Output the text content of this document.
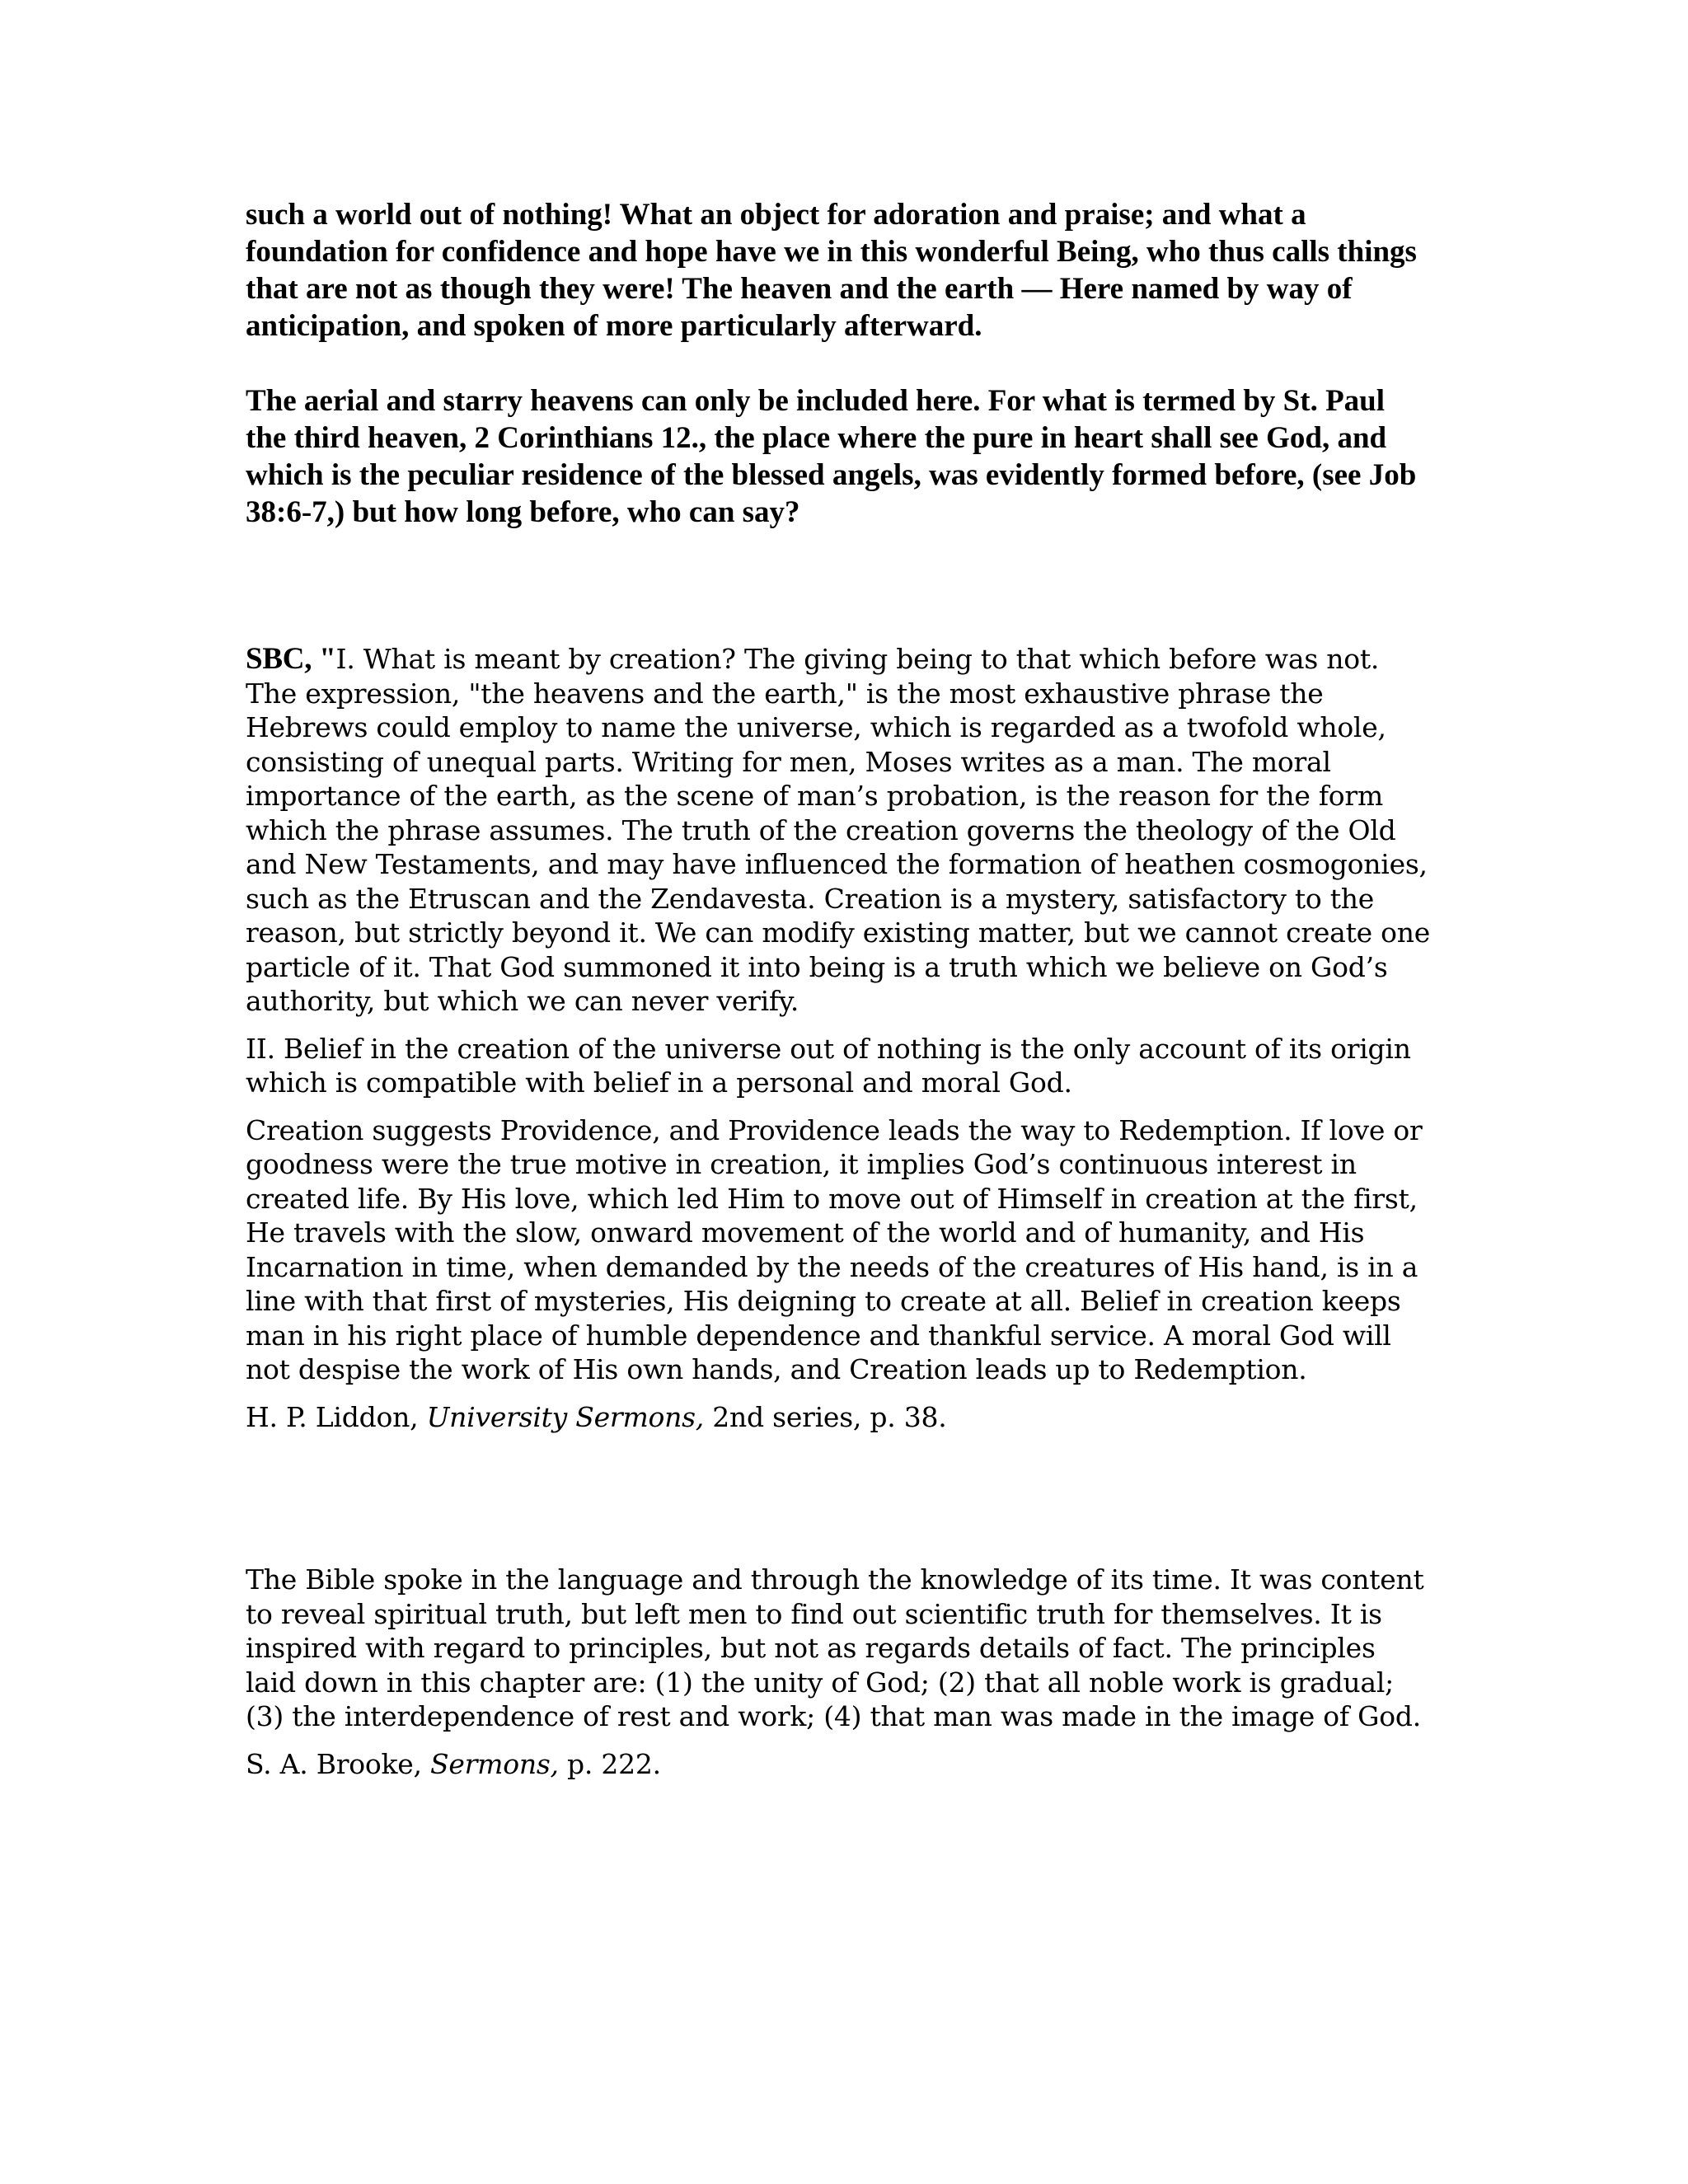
such a world out of nothing! What an object for adoration and praise; and what a foundation for confidence and hope have we in this wonderful Being, who thus calls things that are not as though they were! The heaven and the earth — Here named by way of anticipation, and spoken of more particularly afterward.

The aerial and starry heavens can only be included here. For what is termed by St. Paul the third heaven, 2 Corinthians 12., the place where the pure in heart shall see God, and which is the peculiar residence of the blessed angels, was evidently formed before, (see Job 38:6-7,) but how long before, who can say?

SBC, "I. What is meant by creation? The giving being to that which before was not. The expression, "the heavens and the earth," is the most exhaustive phrase the Hebrews could employ to name the universe, which is regarded as a twofold whole, consisting of unequal parts. Writing for men, Moses writes as a man. The moral importance of the earth, as the scene of man’s probation, is the reason for the form which the phrase assumes. The truth of the creation governs the theology of the Old and New Testaments, and may have influenced the formation of heathen cosmogonies, such as the Etruscan and the Zendavesta. Creation is a mystery, satisfactory to the reason, but strictly beyond it. We can modify existing matter, but we cannot create one particle of it. That God summoned it into being is a truth which we believe on God’s authority, but which we can never verify.

II. Belief in the creation of the universe out of nothing is the only account of its origin which is compatible with belief in a personal and moral God.

Creation suggests Providence, and Providence leads the way to Redemption. If love or goodness were the true motive in creation, it implies God’s continuous interest in created life. By His love, which led Him to move out of Himself in creation at the first, He travels with the slow, onward movement of the world and of humanity, and His Incarnation in time, when demanded by the needs of the creatures of His hand, is in a line with that first of mysteries, His deigning to create at all. Belief in creation keeps man in his right place of humble dependence and thankful service. A moral God will not despise the work of His own hands, and Creation leads up to Redemption.

H. P. Liddon, University Sermons, 2nd series, p. 38.

The Bible spoke in the language and through the knowledge of its time. It was content to reveal spiritual truth, but left men to find out scientific truth for themselves. It is inspired with regard to principles, but not as regards details of fact. The principles laid down in this chapter are: (1) the unity of God; (2) that all noble work is gradual; (3) the interdependence of rest and work; (4) that man was made in the image of God.

S. A. Brooke, Sermons, p. 222.
